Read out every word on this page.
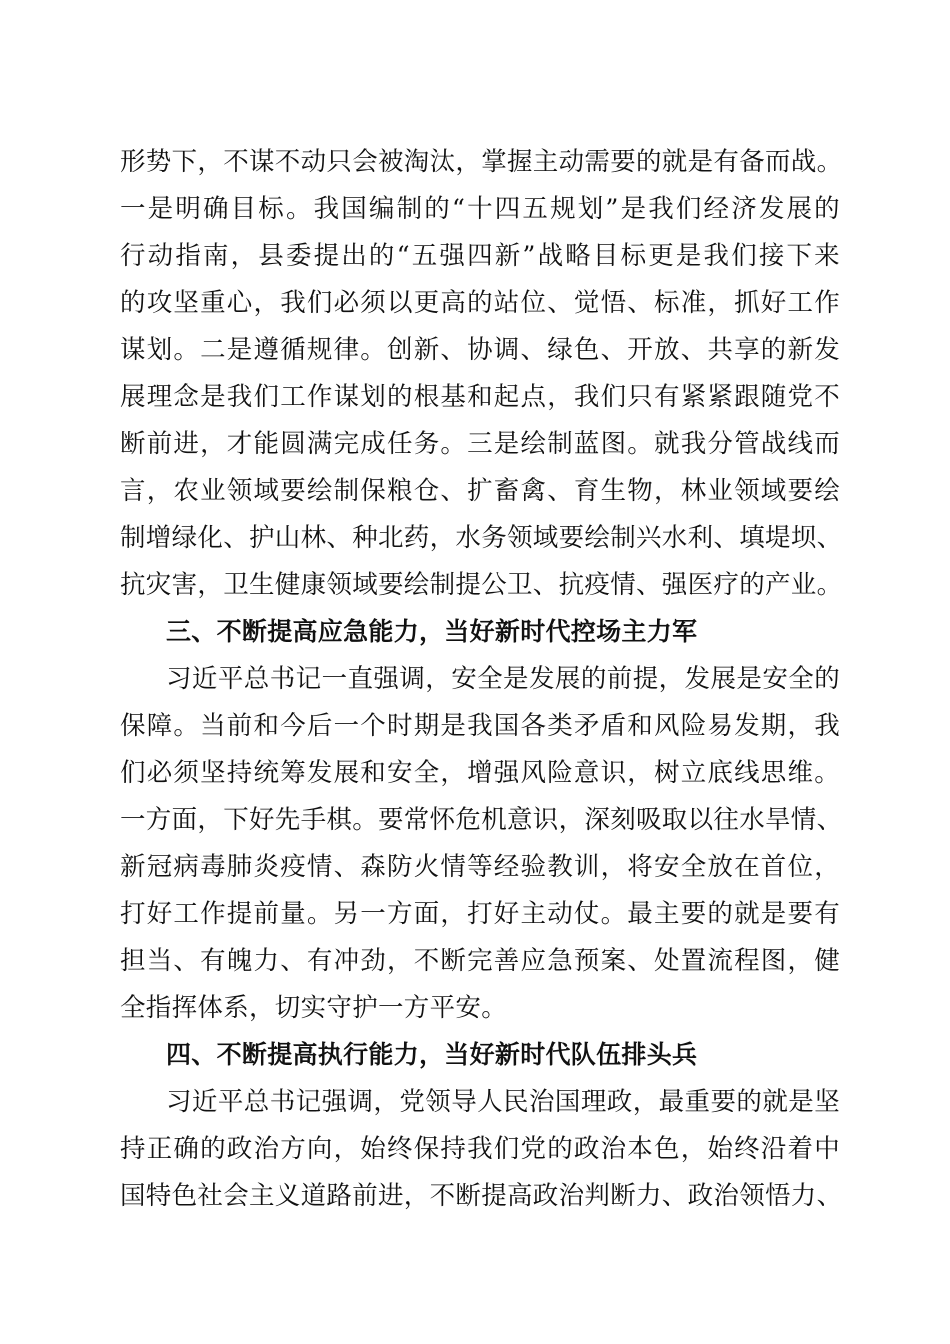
形势下，不谋不动只会被淘汰，掌握主动需要的就是有备而战。
一是明确目标。我国编制的“十四五规划”是我们经济发展的
行动指南，县委提出的“五强四新”战略目标更是我们接下来
的攻坚重心，我们必须以更高的站位、觉悟、标准，抓好工作
谋划。二是遵循规律。创新、协调、绿色、开放、共享的新发
展理念是我们工作谋划的根基和起点，我们只有紧紧跟随党不
断前进，才能圆满完成任务。三是绘制蓝图。就我分管战线而
言，农业领域要绘制保粮仓、扩畜禽、育生物，林业领域要绘
制增绿化、护山林、种北药，水务领域要绘制兴水利、填堤坝、
抗灾害，卫生健康领域要绘制提公卫、抗疫情、强医疗的产业。
三、不断提高应急能力，当好新时代控场主力军
习近平总书记一直强调，安全是发展的前提，发展是安全的
保障。当前和今后一个时期是我国各类矛盾和风险易发期，我
们必须坚持统筹发展和安全，增强风险意识，树立底线思维。
一方面，下好先手棋。要常怀危机意识，深刻吸取以往水旱情、
新冠病毒肺炎疫情、森防火情等经验教训，将安全放在首位，
打好工作提前量。另一方面，打好主动仗。最主要的就是要有
担当、有魄力、有冲劲，不断完善应急预案、处置流程图，健
全指挥体系，切实守护一方平安。
四、不断提高执行能力，当好新时代队伍排头兵
习近平总书记强调，党领导人民治国理政，最重要的就是坚
持正确的政治方向，始终保持我们党的政治本色，始终沿着中
国特色社会主义道路前进，不断提高政治判断力、政治领悟力、
